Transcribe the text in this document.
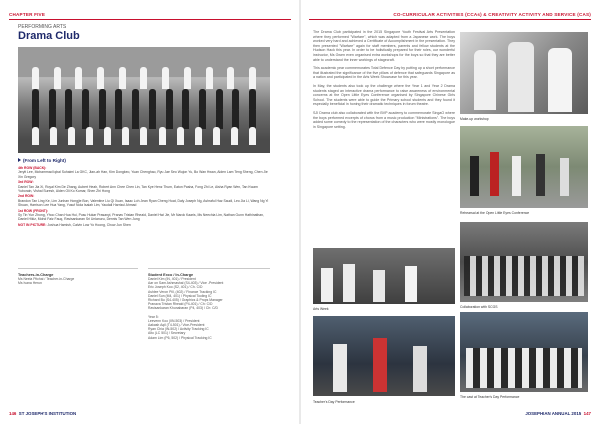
CHAPTER FIVE	CO-CURRICULAR ACTIVITIES (CCAs) & CREATIVITY ACTIVITY AND SERVICE (CAS)
PERFORMING ARTS
Drama Club
(From Left to Right)
4th ROW (BACK):
Jerylt Lee, Mohammad Iqbal Suhaimi La GKC, Jian-ah Han, Kim Dongkeo, Yuan Chenghao, Ryu Jae Seo Wujon Yu, Bo Wan Hwan, Aiden Lam Teng Sheng, Chen Jie Xin Gregory
3rd ROW:
Daniel Tan Jia Xi, Royal Kim De Zhang, Aubert Heah, Robert Ann Chee Chen Lin, Tan Kye Henz Thum, Eaton Pasha, Fong Zhi Le, Aisha Ryan Wen, Tan Kwam Yuborain, Vishal Suresh, Aiden Oli Ko Kumar, Shen Zhi Hong
2nd ROW:
Brandon Tan Ling Ke, Lim Junhan Hongjie Bon, Valentine Liu Qi Xuan, Isaac Loh Jean Ryan Cheng Huat, Daly Joseph Ng, Ashraful Haz Saudi, Leo Jia Li, Wang Ng Yi Shuan, Harrison Lee Hua Yang, Yusuf Nola Isaiah Lim, Yaudali Harrizul Ahmad
1st ROW (FRONT):
Sy Tin Yun Zhong, Yhoo Chan Hua Hui, Pusu Hukar Prasanyi, Pranav Tristan Rheaid, Daniel Hwi Jie, Mr Narok Kaaris, Ms Neechia Lim, Nathan Gunn Hathinathan, Daniel Hikiz, Mohd Faiz Fauq, Ravisankaran Sri Unlanuru, Dennis Tan Wen Jung
NOT IN PICTURE: Joshua Hamish, Calvin Low Yo Hoong, Chow Jun Shen
Teachers-in-Charge
Ms Neela Pitchai / Teacher-in-Charge
Ms Ivana Herun
Student Exco / In-Charge
Daniel Kim (IN, 401) / President
Aar on Sam Ashmashal (S4-403) / Vice -President
Eric Joseph Koo (S2, 401) / Ch. C/D
Ashlee Veron Pill, (402) / Finance Tracking IC
Daniel Sun (M4, 401) / Physical Tooling IC
Richard Bu (S4-405) / Graphics & Props Manager
Pranava Tristan Rheaid (P4-401) / Ch: C/D
Ravisankaran Khunabaran (P4, 403) / Ch: C/D
Year 5:
Leevenn Koo (IIN-503) / President
Aakash Aqil (T4-501) / Vice-President
Ryan Chia (IN-502) / Activity Tracking IC
Alto (LC 501) / Secretary
Adam Lim (P6, 502) / Physical Tracking IC

The Drama Club participated in the 2015 Singapore Youth Festival Arts Presentation where they performed "Warfare", which was adapted from a Japanese work. The boys worked very hard and achieved a Certificate of Accomplishment in the presentation. They then presented "Warfare" again for staff members, parents and fellow students at the Hudson Hack this year. In order to be holistically prepared for their roles, our wonderful instructor, Ms Gwen even organised extra workshops for the boys so that they are better able to understand the inner workings of stagecraft.

This academic year commemorates Total Defence Day by putting up a short performance that illustrated the significance of the five pillars of defence that safeguards Singapore as a nation and participated in the Arts Week Showcase for this year.

In May, the students also took up the challenge where the Year 1 and Year 2 Drama students staged an interactive drama performance to raise awareness of environmental concerns at the Open Little Eyes Conference organised by Singapore Chinese Girls School. The students were able to guide the Primary school students and they found it especially beneficial in honing their dramatic techniques in forum theatre.

SJI Drama club also collaborated with the BVP academy to commemorate SingaO where the boys performed excerpts of chorus from a music production "Ministrations". The boys added some comedy to the representation of the characters who were mostly monologue in Singapore setting.

Make-up workshop
Rehearsal at the Open Little Eyes Conference
Collaboration with SCGS
Arts Week
Teacher's Day Performance
The cast at Teacher's Day Performance
146 ST JOSEPH'S INSTITUTION	JOSEPHIAN ANNUAL 2015 147
